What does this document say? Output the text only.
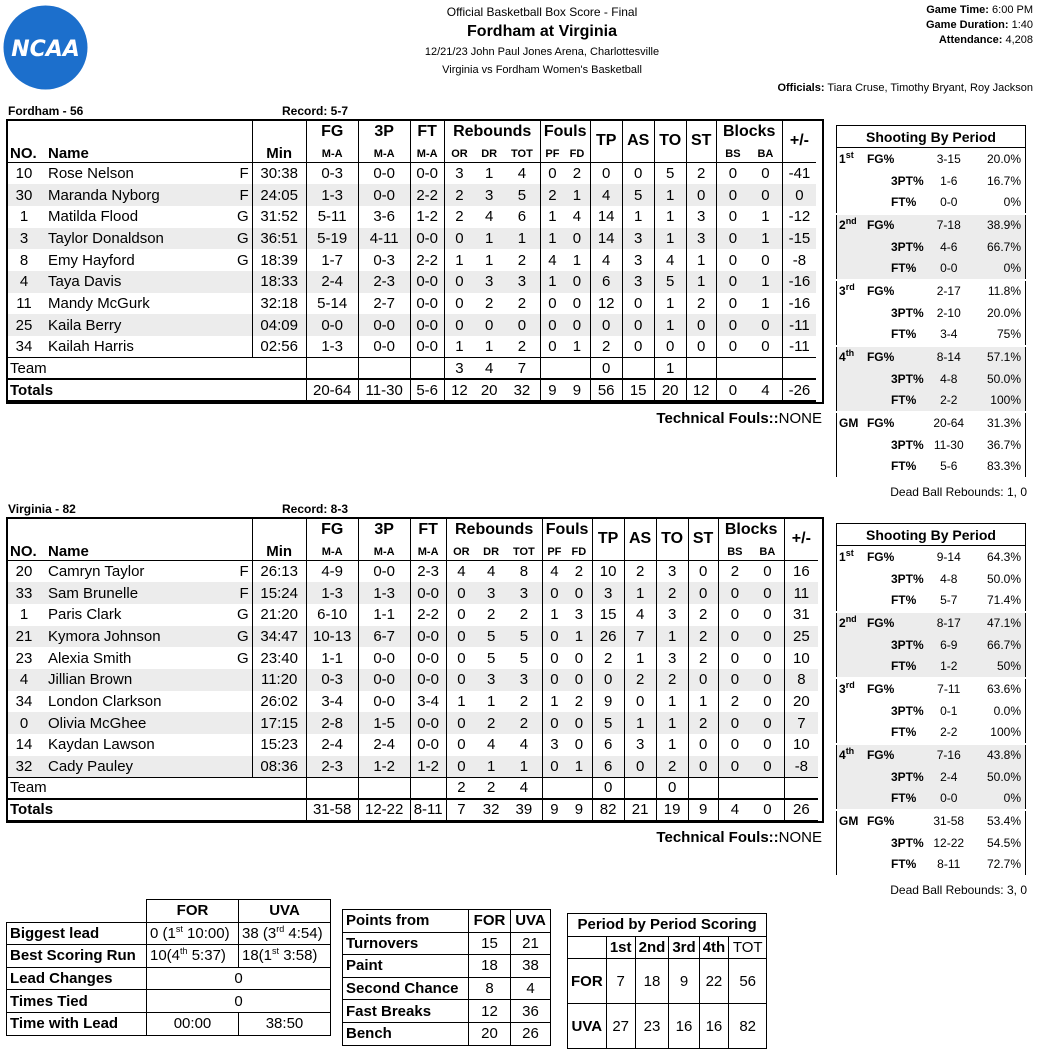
NCAA
Official Basketball Box Score - Final
Fordham at Virginia
12/21/23 John Paul Jones Arena, Charlottesville
Virginia vs Fordham Women's Basketball
Game Time: 6:00 PM
Game Duration: 1:40
Attendance: 4,208
Officials: Tiara Cruse, Timothy Bryant, Roy Jackson
Fordham - 56	Record: 5-7
				FG	3P	FT	Rebounds			Fouls		TP	AS	TO	ST	Blocks		+/-
NO.	Name		Min	M-A	M-A	M-A	OR	DR	TOT	PF	FD					BS	BA	
10	Rose Nelson	F	30:38	0-3	0-0	0-0	3	1	4	0	2	0	0	5	2	0	0	-41
30	Maranda Nyborg	F	24:05	1-3	0-0	2-2	2	3	5	2	1	4	5	1	0	0	0	0
1	Matilda Flood	G	31:52	5-11	3-6	1-2	2	4	6	1	4	14	1	1	3	0	1	-12
3	Taylor Donaldson	G	36:51	5-19	4-11	0-0	0	1	1	1	0	14	3	1	3	0	1	-15
8	Emy Hayford	G	18:39	1-7	0-3	2-2	1	1	2	4	1	4	3	4	1	0	0	-8
4	Taya Davis		18:33	2-4	2-3	0-0	0	3	3	1	0	6	3	5	1	0	1	-16
11	Mandy McGurk		32:18	5-14	2-7	0-0	0	2	2	0	0	12	0	1	2	0	1	-16
25	Kaila Berry		04:09	0-0	0-0	0-0	0	0	0	0	0	0	0	1	0	0	0	-11
34	Kailah Harris		02:56	1-3	0-0	0-0	1	1	2	0	1	2	0	0	0	0	0	-11
Team							3	4	7			0		1				
Totals				20-64	11-30	5-6	12	20	32	9	9	56	15	20	12	0	4	-26
Technical Fouls::NONE
Shooting By Period			
1st	FG%	3-15	20.0%
	3PT%	1-6	16.7%
	FT%	0-0	0%
2nd	FG%	7-18	38.9%
	3PT%	4-6	66.7%
	FT%	0-0	0%
3rd	FG%	2-17	11.8%
	3PT%	2-10	20.0%
	FT%	3-4	75%
4th	FG%	8-14	57.1%
	3PT%	4-8	50.0%
	FT%	2-2	100%
GM	FG%	20-64	31.3%
	3PT%	11-30	36.7%
	FT%	5-6	83.3%
Dead Ball Rebounds: 1, 0
Virginia - 82	Record: 8-3
				FG	3P	FT	Rebounds			Fouls		TP	AS	TO	ST	Blocks		+/-
NO.	Name		Min	M-A	M-A	M-A	OR	DR	TOT	PF	FD					BS	BA	
20	Camryn Taylor	F	26:13	4-9	0-0	2-3	4	4	8	4	2	10	2	3	0	2	0	16
33	Sam Brunelle	F	15:24	1-3	1-3	0-0	0	3	3	0	0	3	1	2	0	0	0	11
1	Paris Clark	G	21:20	6-10	1-1	2-2	0	2	2	1	3	15	4	3	2	0	0	31
21	Kymora Johnson	G	34:47	10-13	6-7	0-0	0	5	5	0	1	26	7	1	2	0	0	25
23	Alexia Smith	G	23:40	1-1	0-0	0-0	0	5	5	0	0	2	1	3	2	0	0	10
4	Jillian Brown		11:20	0-3	0-0	0-0	0	3	3	0	0	0	2	2	0	0	0	8
34	London Clarkson		26:02	3-4	0-0	3-4	1	1	2	1	2	9	0	1	1	2	0	20
0	Olivia McGhee		17:15	2-8	1-5	0-0	0	2	2	0	0	5	1	1	2	0	0	7
14	Kaydan Lawson		15:23	2-4	2-4	0-0	0	4	4	3	0	6	3	1	0	0	0	10
32	Cady Pauley		08:36	2-3	1-2	1-2	0	1	1	0	1	6	0	2	0	0	0	-8
Team							2	2	4			0		0				
Totals				31-58	12-22	8-11	7	32	39	9	9	82	21	19	9	4	0	26
Technical Fouls::NONE
Shooting By Period			
1st	FG%	9-14	64.3%
	3PT%	4-8	50.0%
	FT%	5-7	71.4%
2nd	FG%	8-17	47.1%
	3PT%	6-9	66.7%
	FT%	1-2	50%
3rd	FG%	7-11	63.6%
	3PT%	0-1	0.0%
	FT%	2-2	100%
4th	FG%	7-16	43.8%
	3PT%	2-4	50.0%
	FT%	0-0	0%
GM	FG%	31-58	53.4%
	3PT%	12-22	54.5%
	FT%	8-11	72.7%
Dead Ball Rebounds: 3, 0
	FOR	UVA
Biggest lead	0 (1st 10:00)	38 (3rd 4:54)
Best Scoring Run	10(4th 5:37)	18(1st 3:58)
Lead Changes	0	
Times Tied	0	
Time with Lead	00:00	38:50
Points from	FOR	UVA
Turnovers	15	21
Paint	18	38
Second Chance	8	4
Fast Breaks	12	36
Bench	20	26
Period by Period Scoring					
	1st	2nd	3rd	4th	TOT
FOR	7	18	9	22	56
UVA	27	23	16	16	82
